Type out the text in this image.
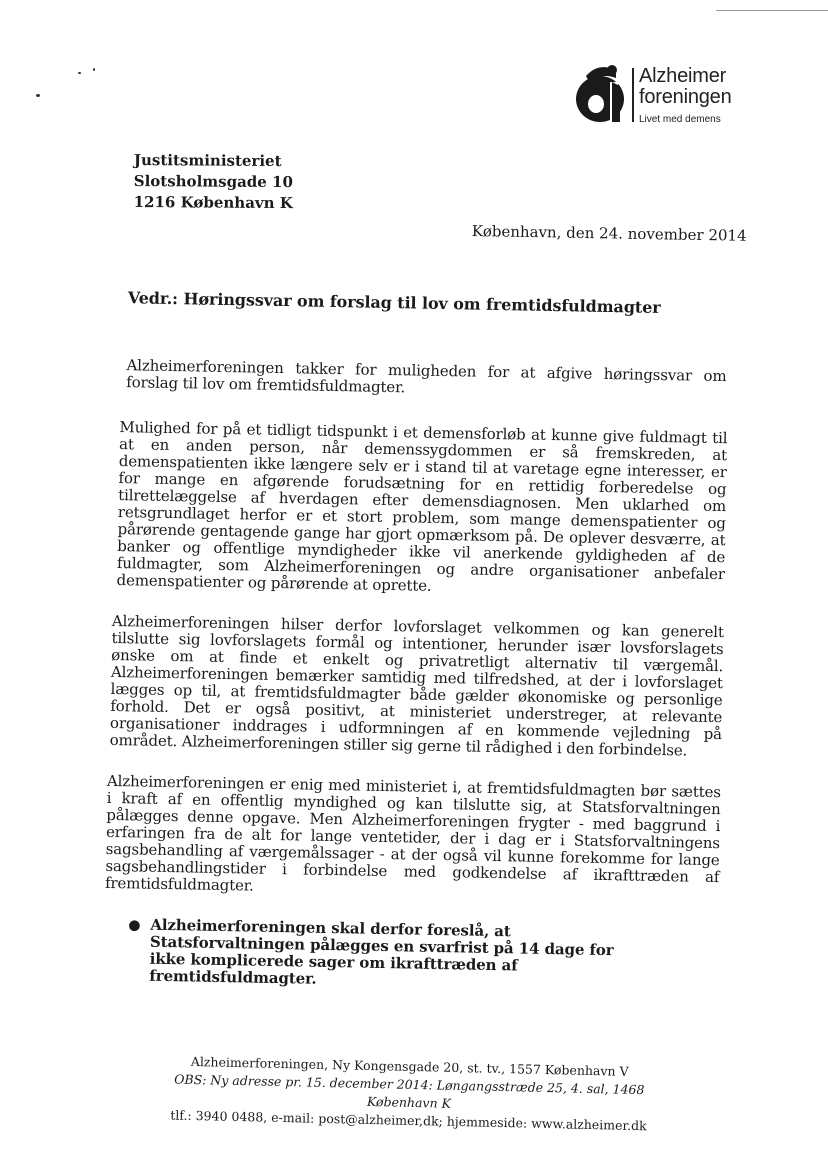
Alzheimer
foreningen
Livet med demens
Justitsministeriet
Slotsholmsgade 10
1216 København K
København, den 24. november 2014
Vedr.: Høringssvar om forslag til lov om fremtidsfuldmagter

Alzheimerforeningen takker for muligheden for at afgive høringssvar om forslag til lov om fremtidsfuldmagter.

Mulighed for på et tidligt tidspunkt i et demensforløb at kunne give fuldmagt til at en anden person, når demenssygdommen er så fremskreden, at demenspatienten ikke længere selv er i stand til at varetage egne interesser, er for mange en afgørende forudsætning for en rettidig forberedelse og tilrettelæggelse af hverdagen efter demensdiagnosen. Men uklarhed om retsgrundlaget herfor er et stort problem, som mange demenspatienter og pårørende gentagende gange har gjort opmærksom på. De oplever desværre, at banker og offentlige myndigheder ikke vil anerkende gyldigheden af de fuldmagter, som Alzheimerforeningen og andre organisationer anbefaler demenspatienter og pårørende at oprette.

Alzheimerforeningen hilser derfor lovforslaget velkommen og kan generelt tilslutte sig lovforslagets formål og intentioner, herunder især lovsforslagets ønske om at finde et enkelt og privatretligt alternativ til værgemål. Alzheimerforeningen bemærker samtidig med tilfredshed, at der i lovforslaget lægges op til, at fremtidsfuldmagter både gælder økonomiske og personlige forhold. Det er også positivt, at ministeriet understreger, at relevante organisationer inddrages i udformningen af en kommende vejledning på området. Alzheimerforeningen stiller sig gerne til rådighed i den forbindelse.

Alzheimerforeningen er enig med ministeriet i, at fremtidsfuldmagten bør sættes i kraft af en offentlig myndighed og kan tilslutte sig, at Statsforvaltningen pålægges denne opgave. Men Alzheimerforeningen frygter - med baggrund i erfaringen fra de alt for lange ventetider, der i dag er i Statsforvaltningens sagsbehandling af værgemålssager - at der også vil kunne forekomme for lange sagsbehandlingstider i forbindelse med godkendelse af ikrafttræden af fremtidsfuldmagter.

● Alzheimerforeningen skal derfor foreslå, at Statsforvaltningen pålægges en svarfrist på 14 dage for ikke komplicerede sager om ikrafttræden af fremtidsfuldmagter.
Alzheimerforeningen, Ny Kongensgade 20, st. tv., 1557 København V
OBS: Ny adresse pr. 15. december 2014: Løngangsstræde 25, 4. sal, 1468 København K
tlf.: 3940 0488, e-mail: post@alzheimer,dk; hjemmeside: www.alzheimer.dk
